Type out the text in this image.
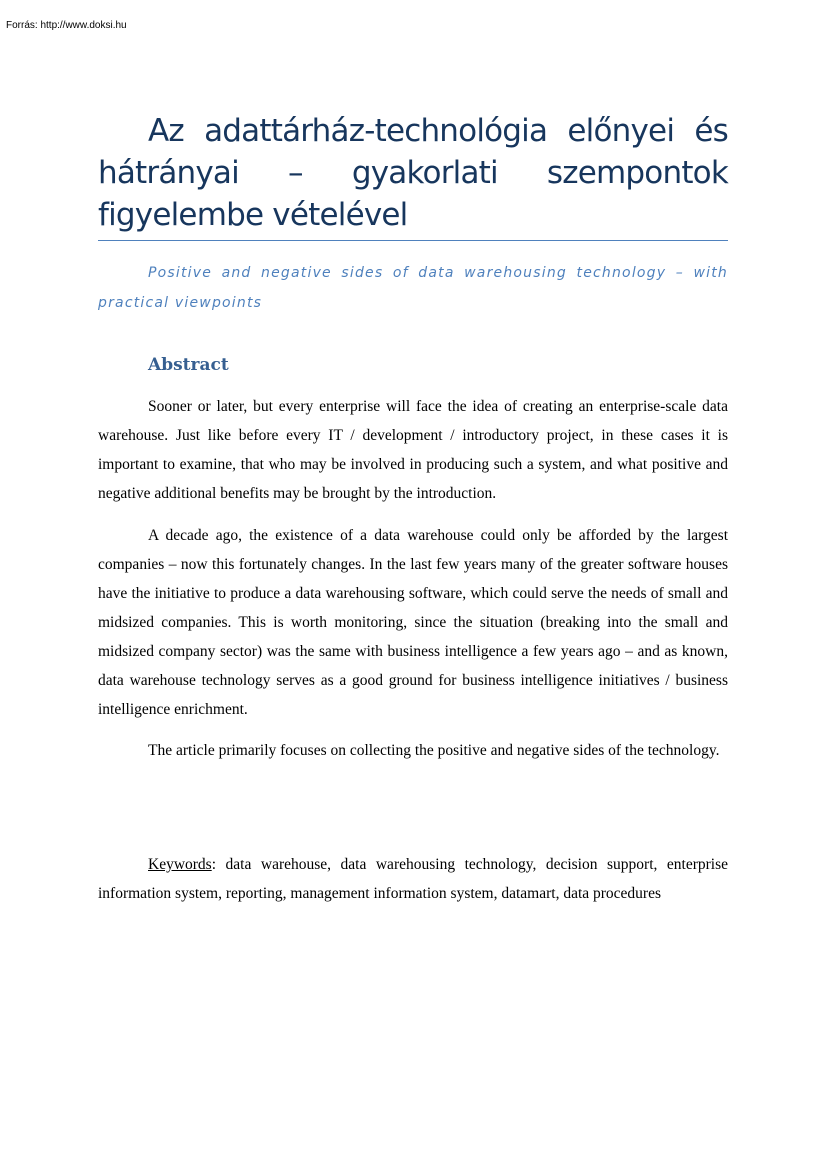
Forrás: http://www.doksi.hu

Az adattárház-technológia előnyei és hátrányai – gyakorlati szempontok figyelembe vételével

Positive and negative sides of data warehousing technology – with practical viewpoints

Abstract

Sooner or later, but every enterprise will face the idea of creating an enterprise-scale data warehouse. Just like before every IT / development / introductory project, in these cases it is important to examine, that who may be involved in producing such a system, and what positive and negative additional benefits may be brought by the introduction.

A decade ago, the existence of a data warehouse could only be afforded by the largest companies – now this fortunately changes. In the last few years many of the greater software houses have the initiative to produce a data warehousing software, which could serve the needs of small and midsized companies. This is worth monitoring, since the situation (breaking into the small and midsized company sector) was the same with business intelligence a few years ago – and as known, data warehouse technology serves as a good ground for business intelligence initiatives / business intelligence enrichment.

The article primarily focuses on collecting the positive and negative sides of the technology.

Keywords: data warehouse, data warehousing technology, decision support, enterprise information system, reporting, management information system, datamart, data procedures
